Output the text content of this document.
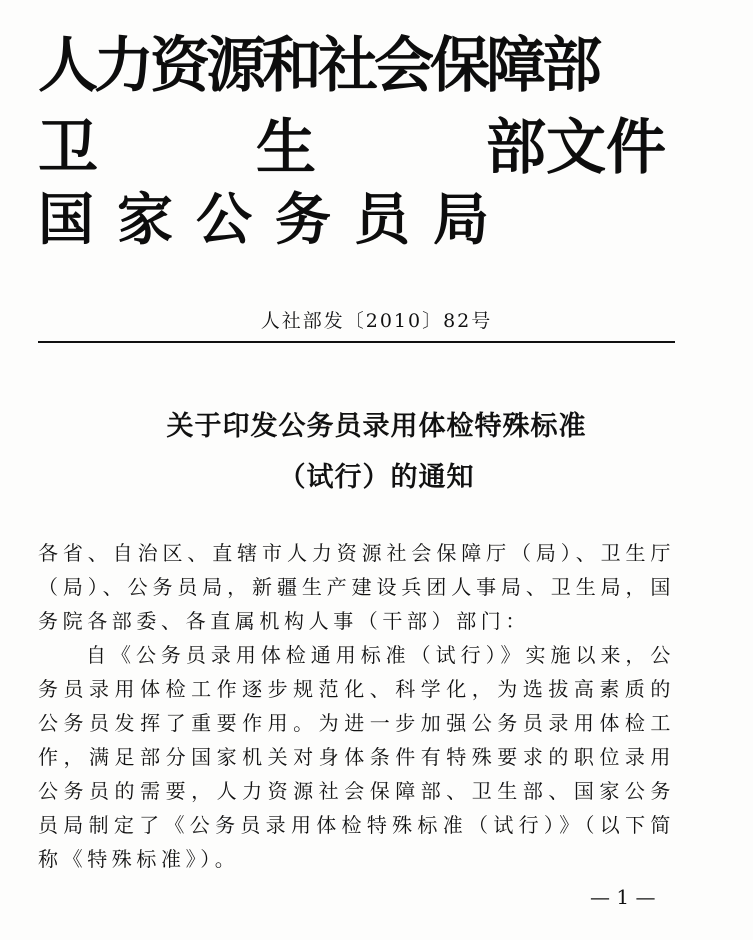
人力资源和社会保障部
卫	生	部文件
国家公务员局
人社部发〔2010〕82号
关于印发公务员录用体检特殊标准
（试行）的通知

各省、自治区、直辖市人力资源社会保障厅（局）、卫生厅（局）、公务员局，新疆生产建设兵团人事局、卫生局，国务院各部委、各直属机构人事（干部）部门：

自《公务员录用体检通用标准（试行）》实施以来，公务员录用体检工作逐步规范化、科学化，为选拔高素质的公务员发挥了重要作用。为进一步加强公务员录用体检工作，满足部分国家机关对身体条件有特殊要求的职位录用公务员的需要，人力资源社会保障部、卫生部、国家公务员局制定了《公务员录用体检特殊标准（试行）》（以下简称《特殊标准》）。

— 1 —
